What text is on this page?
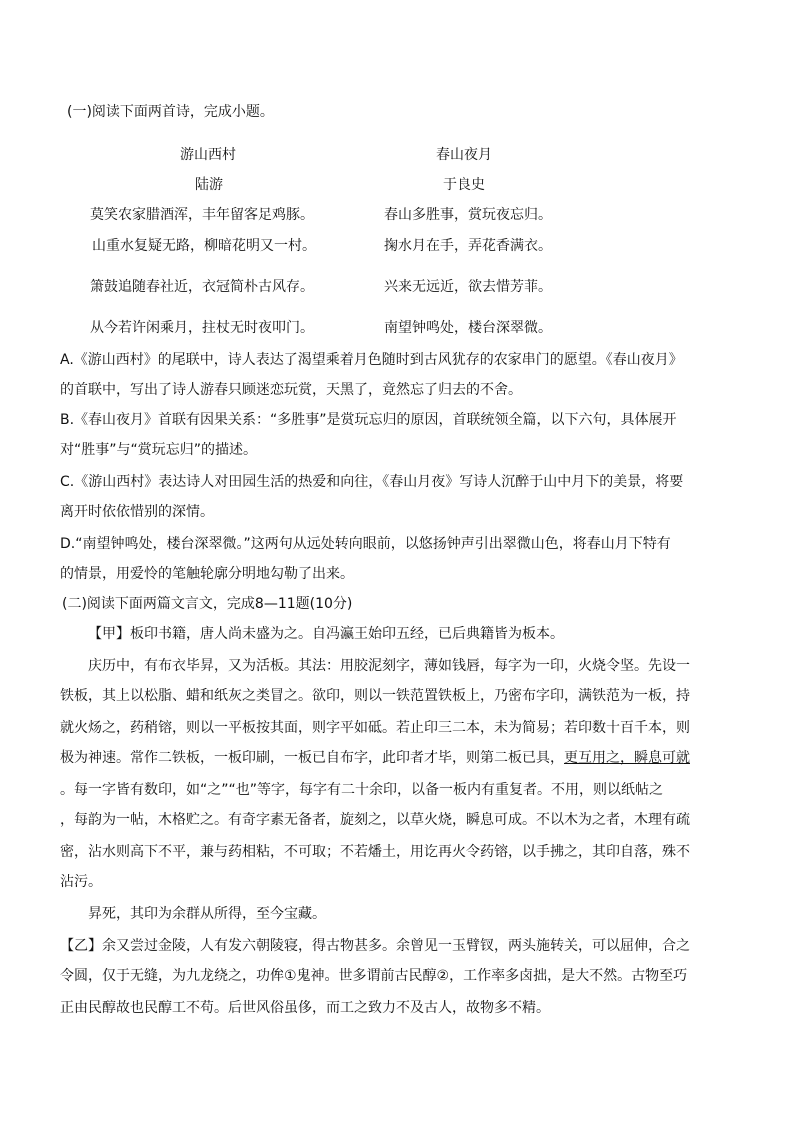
(一)阅读下面两首诗，完成小题。
游山西村
陆游
莫笑农家腊酒浑，丰年留客足鸡豚。
山重水复疑无路，柳暗花明又一村。
箫鼓追随春社近，衣冠简朴古风存。
从今若许闲乘月，拄杖无时夜叩门。
春山夜月
于良史
春山多胜事，赏玩夜忘归。
掬水月在手，弄花香满衣。
兴来无远近，欲去惜芳菲。
南望钟鸣处，楼台深翠微。
A.《游山西村》的尾联中，诗人表达了渴望乘着月色随时到古风犹存的农家串门的愿望。《春山夜月》
的首联中，写出了诗人游春只顾迷恋玩赏，天黑了，竟然忘了归去的不舍。
B.《春山夜月》首联有因果关系：“多胜事”是赏玩忘归的原因，首联统领全篇，以下六句，具体展开
对“胜事”与“赏玩忘归”的描述。
C.《游山西村》表达诗人对田园生活的热爱和向往，《春山月夜》写诗人沉醉于山中月下的美景，将要
离开时依依惜别的深情。
D.“南望钟鸣处，楼台深翠微。”这两句从远处转向眼前，以悠扬钟声引出翠微山色，将春山月下特有
的情景，用爱怜的笔触轮廓分明地勾勒了出来。
(二)阅读下面两篇文言文，完成8—11题(10分)
【甲】板印书籍，唐人尚未盛为之。自冯瀛王始印五经，已后典籍皆为板本。
庆历中，有布衣毕昇，又为活板。其法：用胶泥刻字，薄如钱唇，每字为一印，火烧令坚。先设一
铁板，其上以松脂、蜡和纸灰之类冒之。欲印，则以一铁范置铁板上，乃密布字印，满铁范为一板，持
就火炀之，药稍镕，则以一平板按其面，则字平如砥。若止印三二本，未为简易；若印数十百千本，则
极为神速。常作二铁板，一板印刷，一板已自布字，此印者才毕，则第二板已具，更互用之，瞬息可就
。每一字皆有数印，如“之”“也”等字，每字有二十余印，以备一板内有重复者。不用，则以纸帖之
，每韵为一帖，木格贮之。有奇字素无备者，旋刻之，以草火烧，瞬息可成。不以木为之者，木理有疏
密，沾水则高下不平，兼与药相粘，不可取；不若燔土，用讫再火令药镕，以手拂之，其印自落，殊不
沾污。
昇死，其印为余群从所得，至今宝藏。
【乙】余又尝过金陵，人有发六朝陵寝，得古物甚多。余曾见一玉臂钗，两头施转关，可以屈伸，合之
令圆，仅于无缝，为九龙绕之，功侔①鬼神。世多谓前古民醇②，工作率多卤拙，是大不然。古物至巧
正由民醇故也民醇工不苟。后世风俗虽侈，而工之致力不及古人，故物多不精。
